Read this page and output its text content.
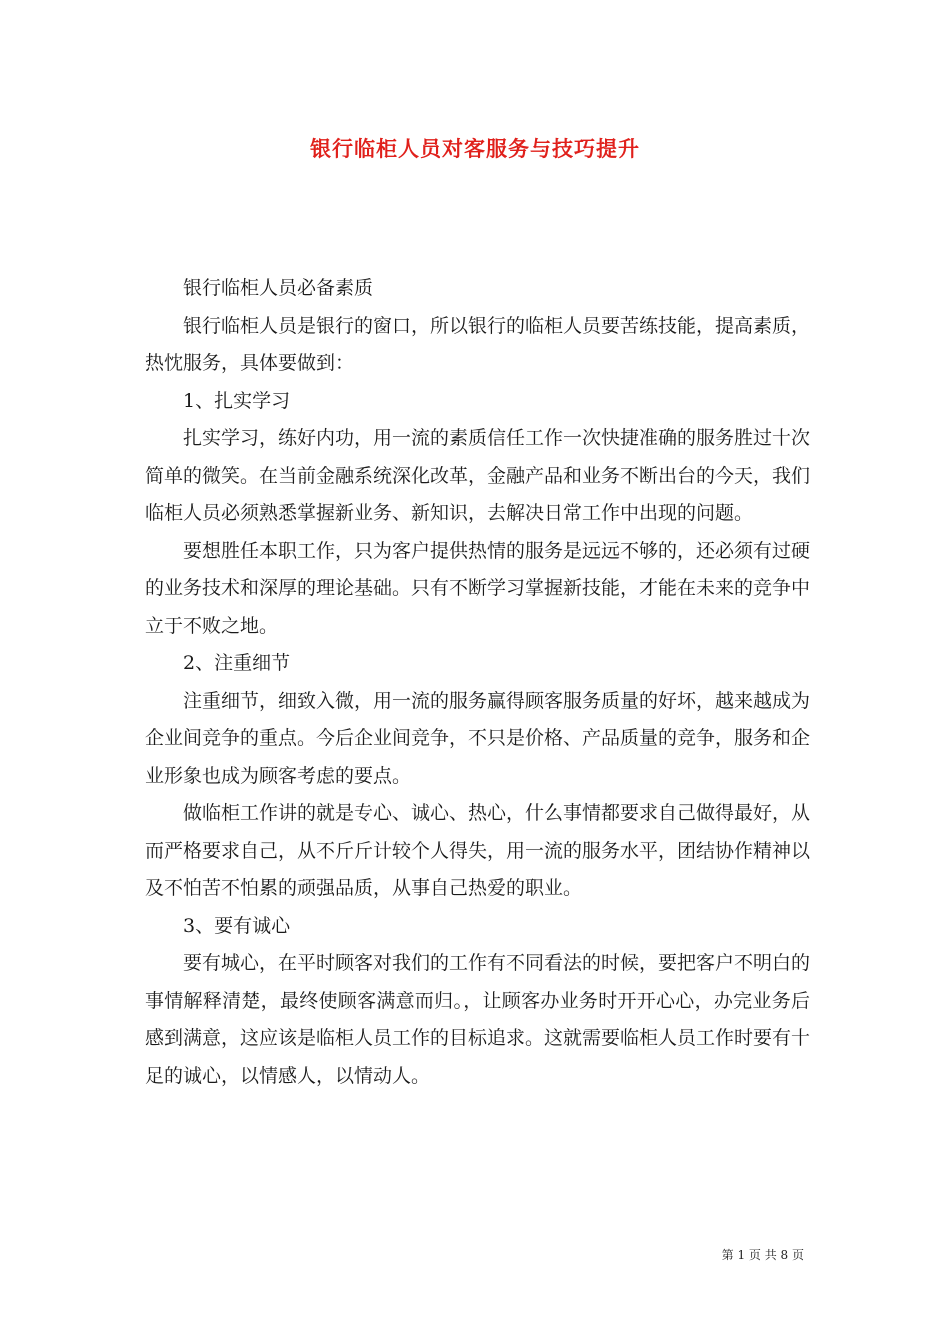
银行临柜人员对客服务与技巧提升

银行临柜人员必备素质

银行临柜人员是银行的窗口，所以银行的临柜人员要苦练技能，提高素质，热忱服务，具体要做到：

1、扎实学习

扎实学习，练好内功，用一流的素质信任工作一次快捷准确的服务胜过十次简单的微笑。在当前金融系统深化改革，金融产品和业务不断出台的今天，我们临柜人员必须熟悉掌握新业务、新知识，去解决日常工作中出现的问题。

要想胜任本职工作，只为客户提供热情的服务是远远不够的，还必须有过硬的业务技术和深厚的理论基础。只有不断学习掌握新技能，才能在未来的竞争中立于不败之地。

2、注重细节

注重细节，细致入微，用一流的服务赢得顾客服务质量的好坏，越来越成为企业间竞争的重点。今后企业间竞争，不只是价格、产品质量的竞争，服务和企业形象也成为顾客考虑的要点。

做临柜工作讲的就是专心、诚心、热心，什么事情都要求自己做得最好，从而严格要求自己，从不斤斤计较个人得失，用一流的服务水平，团结协作精神以及不怕苦不怕累的顽强品质，从事自己热爱的职业。

3、要有诚心

要有城心，在平时顾客对我们的工作有不同看法的时候，要把客户不明白的事情解释清楚，最终使顾客满意而归。，让顾客办业务时开开心心，办完业务后感到满意，这应该是临柜人员工作的目标追求。这就需要临柜人员工作时要有十足的诚心，以情感人，以情动人。

第 1 页 共 8 页
